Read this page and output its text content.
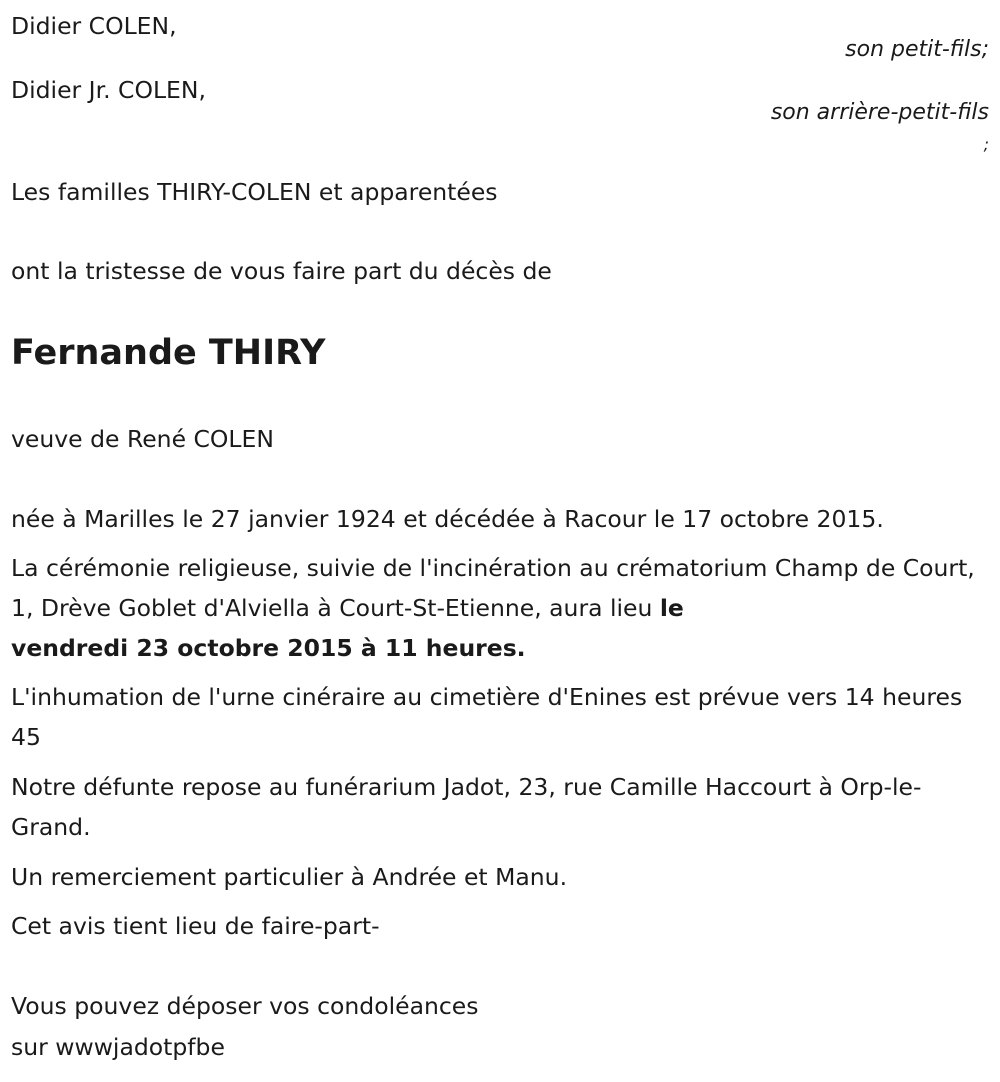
Didier COLEN,
son petit-fils;
Didier Jr. COLEN,
son arrière-petit-fils
;
Les familles THIRY-COLEN et apparentées
ont la tristesse de vous faire part du décès de
Fernande THIRY
veuve de René COLEN
née à Marilles le 27 janvier 1924 et décédée à Racour le 17 octobre 2015.
La cérémonie religieuse, suivie de l'incinération au crématorium Champ de Court, 1, Drève Goblet d'Alviella à Court-St-Etienne, aura lieu le
vendredi 23 octobre 2015 à 11 heures.
L'inhumation de l'urne cinéraire au cimetière d'Enines est prévue vers 14 heures 45
Notre défunte repose au funérarium Jadot, 23, rue Camille Haccourt à Orp-le-Grand.
Un remerciement particulier à Andrée et Manu.
Cet avis tient lieu de faire-part-
Vous pouvez déposer vos condoléances
sur wwwjadotpfbe
